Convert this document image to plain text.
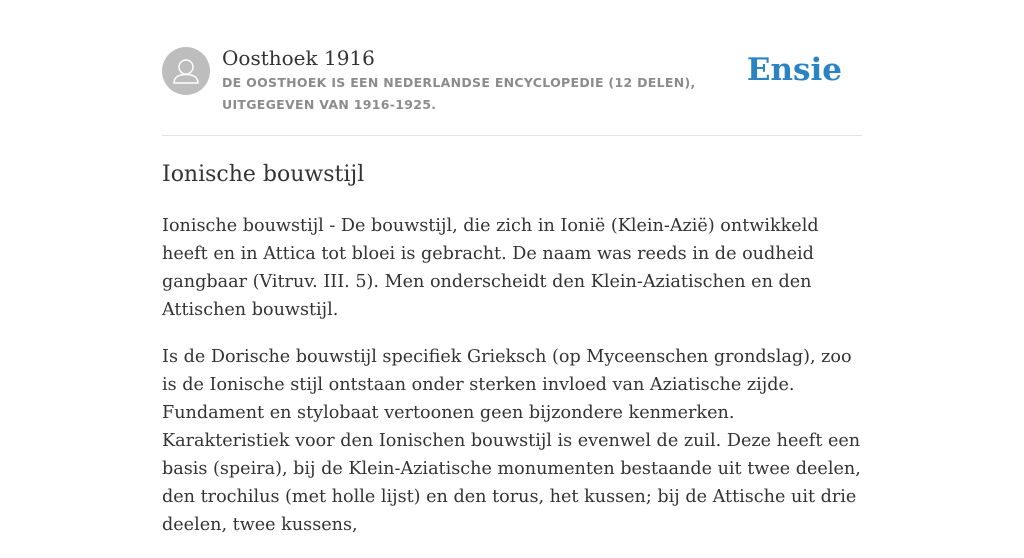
Oosthoek 1916
DE OOSTHOEK IS EEN NEDERLANDSE ENCYCLOPEDIE (12 DELEN), UITGEGEVEN VAN 1916-1925.
Ensie
Ionische bouwstijl

Ionische bouwstijl - De bouwstijl, die zich in Ionië (Klein-Azië) ontwikkeld heeft en in Attica tot bloei is gebracht. De naam was reeds in de oudheid gangbaar (Vitruv. III. 5). Men onderscheidt den Klein-Aziatischen en den Attischen bouwstijl.

Is de Dorische bouwstijl specifiek Grieksch (op Myceenschen grondslag), zoo is de Ionische stijl ontstaan onder sterken invloed van Aziatische zijde. Fundament en stylobaat vertoonen geen bijzondere kenmerken. Karakteristiek voor den Ionischen bouwstijl is evenwel de zuil. Deze heeft een basis (speira), bij de Klein-Aziatische monumenten bestaande uit twee deelen, den trochilus (met holle lijst) en den torus, het kussen; bij de Attische uit drie deelen, twee kussens,
